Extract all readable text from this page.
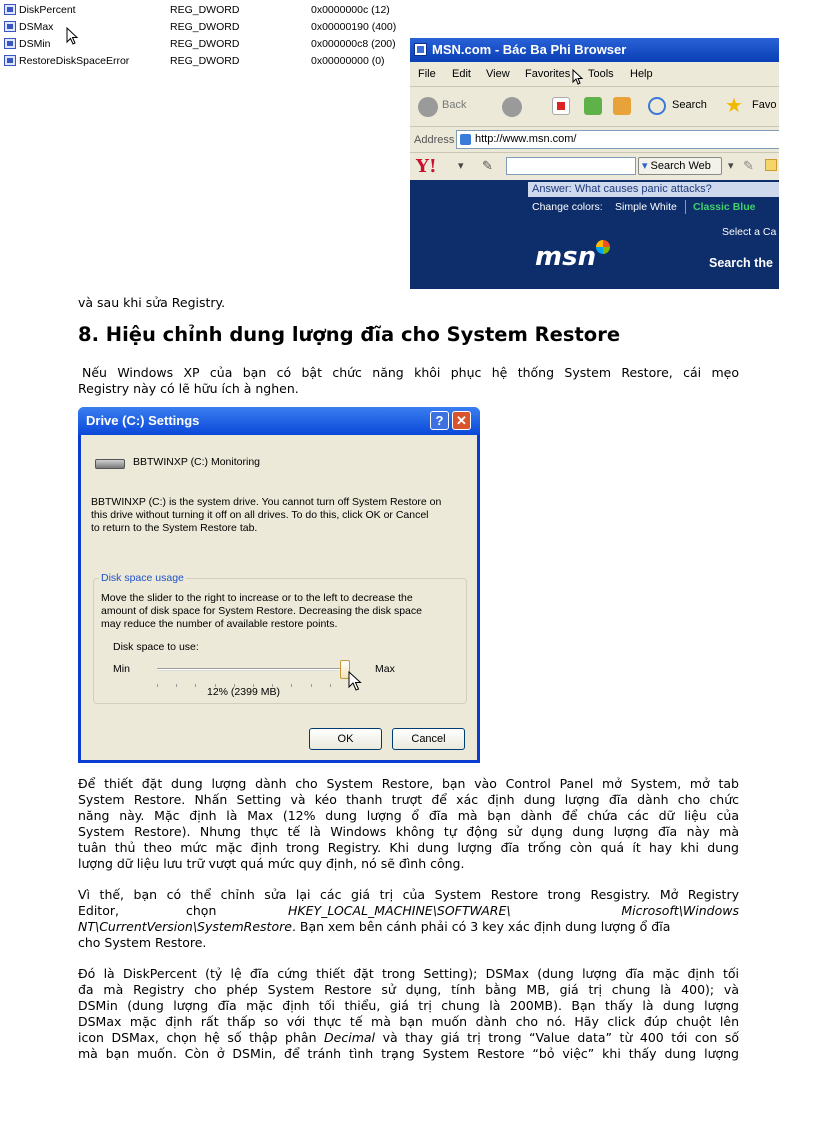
DiskPercent	REG_DWORD	0x0000000c (12)
DSMax	REG_DWORD	0x00000190 (400)
DSMin	REG_DWORD	0x000000c8 (200)
RestoreDiskSpaceError	REG_DWORD	0x00000000 (0)
MSN.com - Bác Ba Phi Browser
File Edit View Favorites Tools Help
Back	Search ★ Favo
Address http://www.msn.com/
Y! ▾ ✎	▾ Search Web	▾ ✎
Answer: What causes panic attacks?
Change colors: Simple White Classic Blue
Select a Ca
msn	Search the
và sau khi sửa Registry.
8. Hiệu chỉnh dung lượng đĩa cho System Restore
Nếu Windows XP của bạn có bật chức năng khôi phục hệ thống System Restore, cái mẹo
Registry này có lẽ hữu ích à nghen.
Drive (C:) Settings	? ✕
BBTWINXP (C:) Monitoring
BBTWINXP (C:) is the system drive. You cannot turn off System Restore on
this drive without turning it off on all drives. To do this, click OK or Cancel
to return to the System Restore tab.
Disk space usage
Move the slider to the right to increase or to the left to decrease the
amount of disk space for System Restore. Decreasing the disk space
may reduce the number of available restore points.
Disk space to use:
Min	Max
12% (2399 MB)
OK	Cancel
Để thiết đặt dung lượng dành cho System Restore, bạn vào Control Panel mở System, mở tab
System Restore. Nhấn Setting và kéo thanh trượt để xác định dung lượng đĩa dành cho chức
năng này. Mặc định là Max (12% dung lượng ổ đĩa mà bạn dành để chứa các dữ liệu của
System Restore). Nhưng thực tế là Windows không tự động sử dụng dung lượng đĩa này mà
tuân thủ theo mức mặc định trong Registry. Khi dung lượng đĩa trống còn quá ít hay khi dung
lượng dữ liệu lưu trữ vượt quá mức quy định, nó sẽ đình công.
Vì thế, bạn có thể chỉnh sửa lại các giá trị của System Restore trong Resgistry. Mở Registry
Editor,	chọn	HKEY_LOCAL_MACHINE\SOFTWARE\	Microsoft\Windows
NT\CurrentVersion\SystemRestore. Bạn xem bên cánh phải có 3 key xác định dung lượng ổ đĩa
cho System Restore.
Đó là DiskPercent (tỷ lệ đĩa cứng thiết đặt trong Setting); DSMax (dung lượng đĩa mặc định tối
đa mà Registry cho phép System Restore sử dụng, tính bằng MB, giá trị chung là 400); và
DSMin (dung lượng đĩa mặc định tối thiểu, giá trị chung là 200MB). Bạn thấy là dung lượng
DSMax mặc định rất thấp so với thực tế mà bạn muốn dành cho nó. Hãy click đúp chuột lên
icon DSMax, chọn hệ số thập phân Decimal và thay giá trị trong “Value data” từ 400 tới con số
mà bạn muốn. Còn ở DSMin, để tránh tình trạng System Restore “bỏ việc” khi thấy dung lượng
